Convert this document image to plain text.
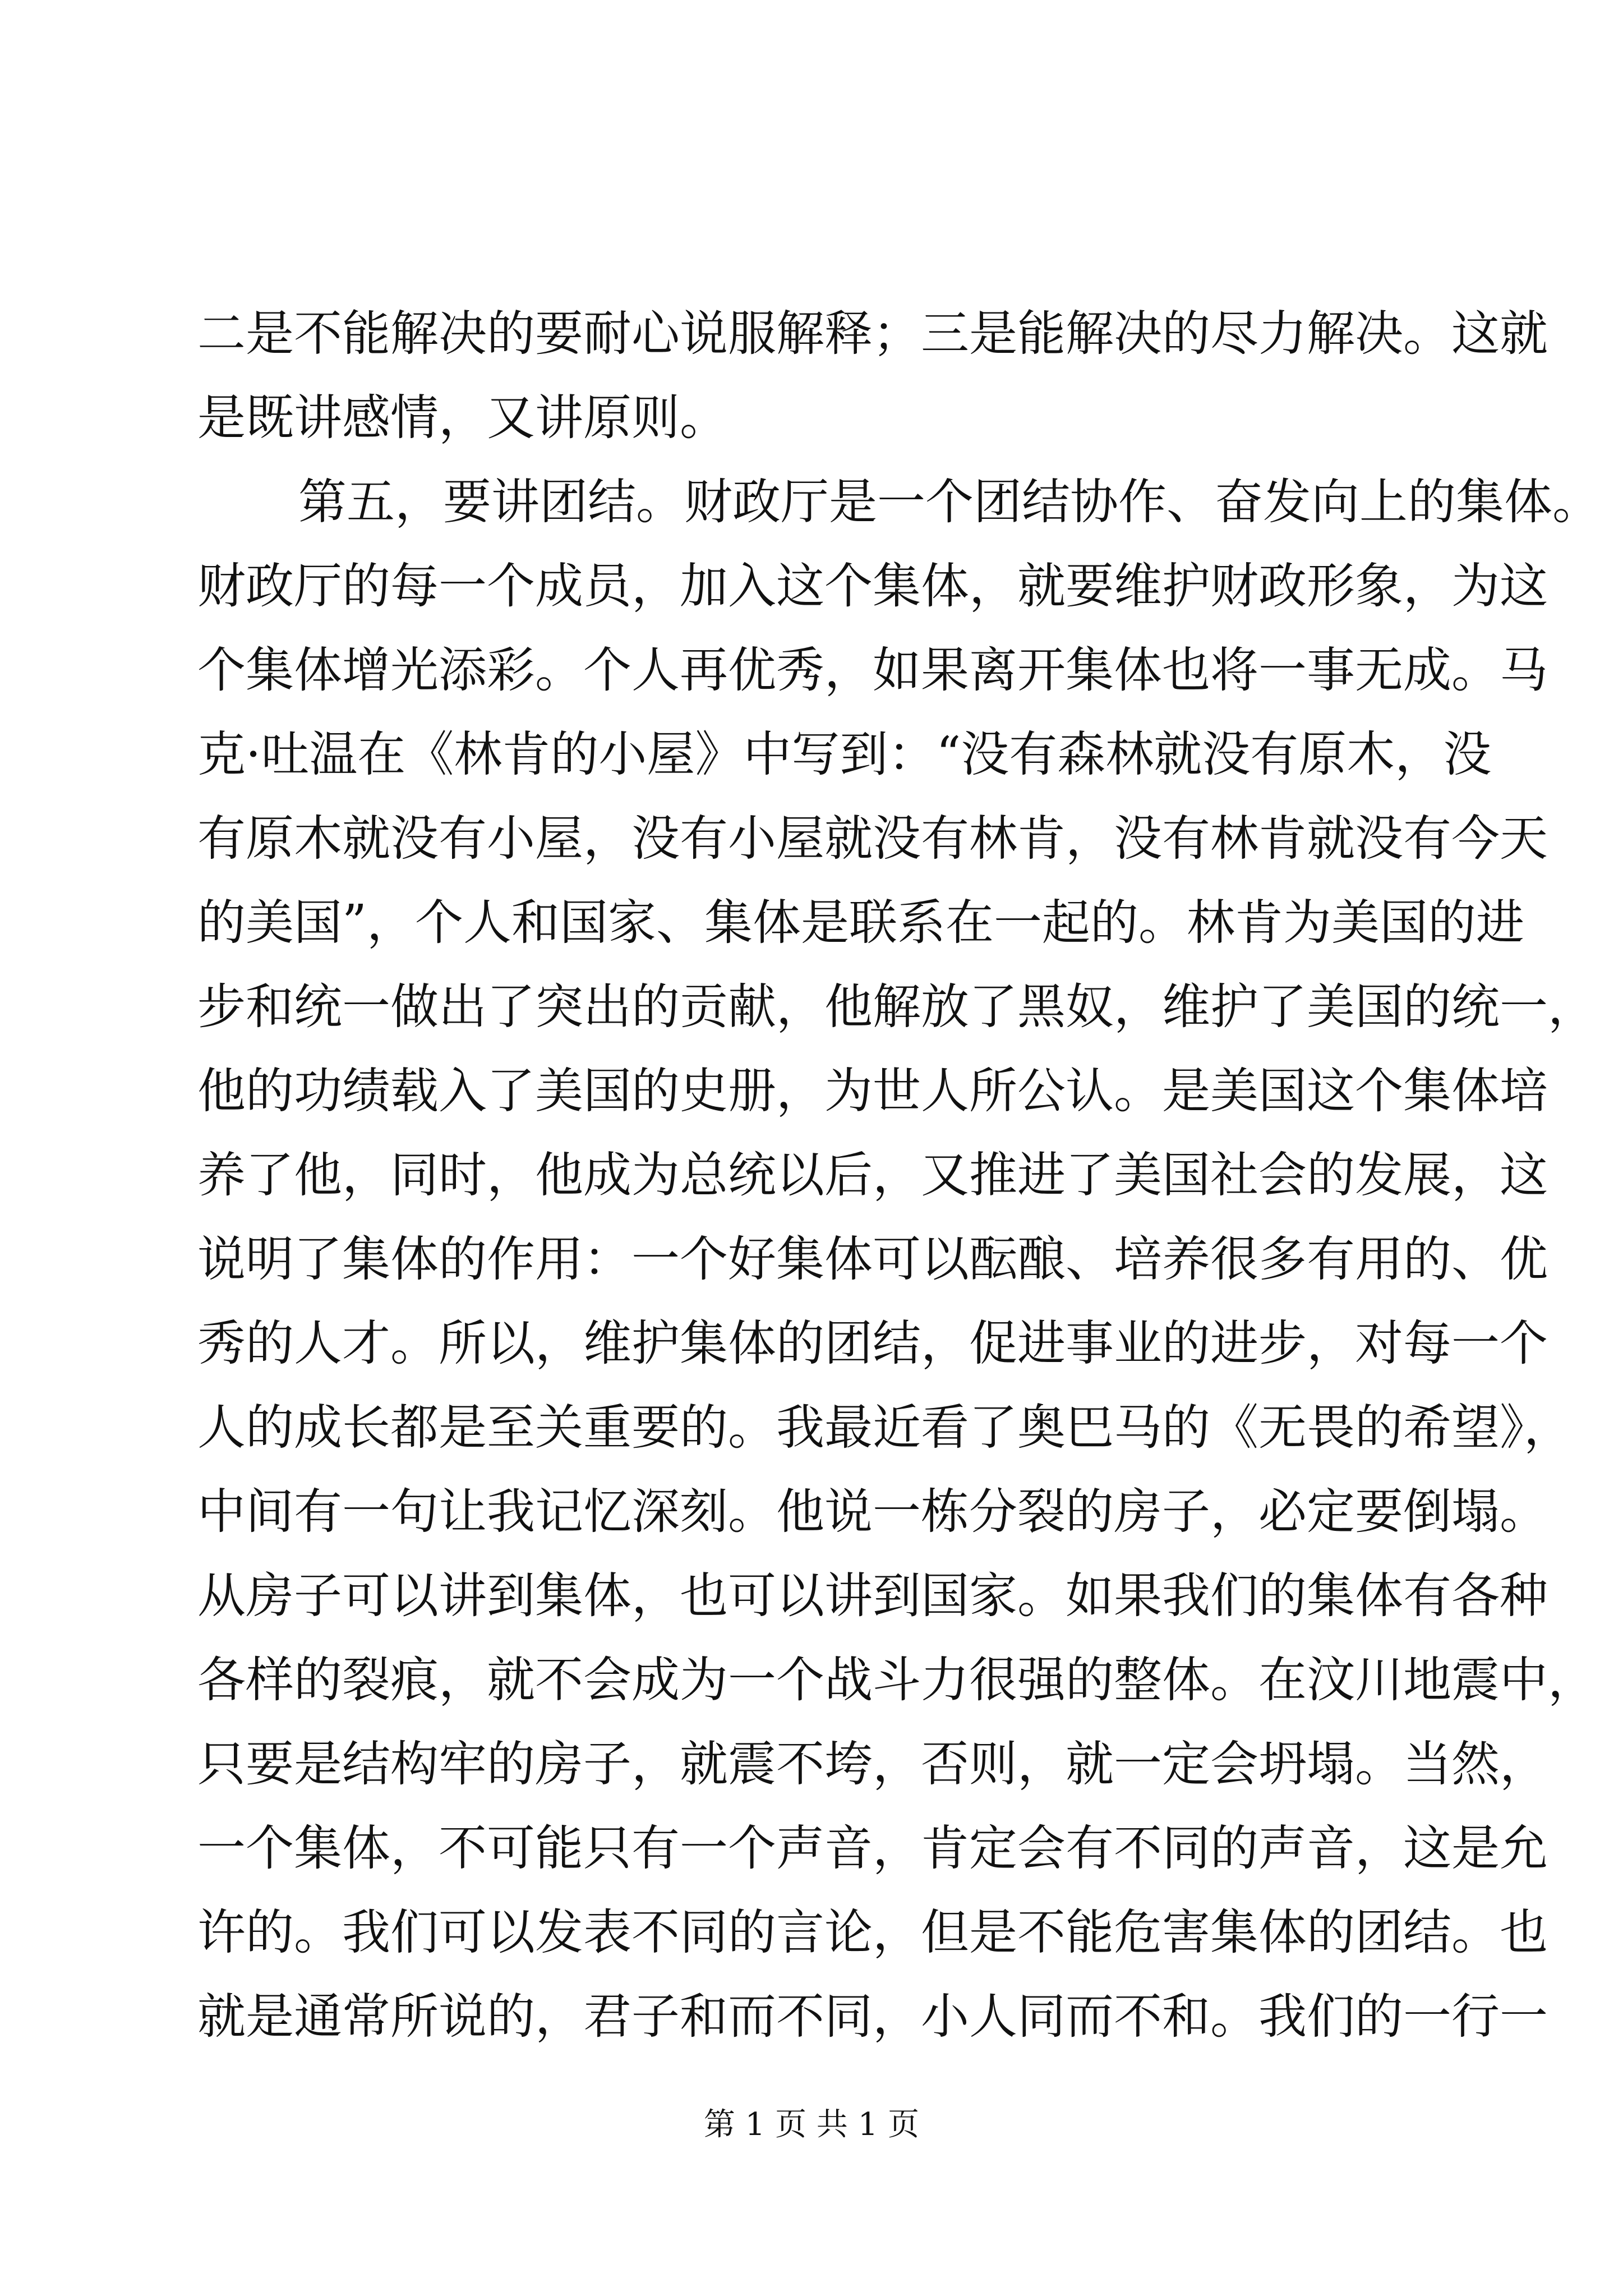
二是不能解决的要耐心说服解释；三是能解决的尽力解决。这就
是既讲感情，又讲原则。
第五，要讲团结。财政厅是一个团结协作、奋发向上的集体。
财政厅的每一个成员，加入这个集体，就要维护财政形象，为这
个集体增光添彩。个人再优秀，如果离开集体也将一事无成。马
克·吐温在《林肯的小屋》中写到：“没有森林就没有原木，没
有原木就没有小屋，没有小屋就没有林肯，没有林肯就没有今天
的美国”，个人和国家、集体是联系在一起的。林肯为美国的进
步和统一做出了突出的贡献，他解放了黑奴，维护了美国的统一，
他的功绩载入了美国的史册，为世人所公认。是美国这个集体培
养了他，同时，他成为总统以后，又推进了美国社会的发展，这
说明了集体的作用：一个好集体可以酝酿、培养很多有用的、优
秀的人才。所以，维护集体的团结，促进事业的进步，对每一个
人的成长都是至关重要的。我最近看了奥巴马的《无畏的希望》，
中间有一句让我记忆深刻。他说一栋分裂的房子，必定要倒塌。
从房子可以讲到集体，也可以讲到国家。如果我们的集体有各种
各样的裂痕，就不会成为一个战斗力很强的整体。在汶川地震中，
只要是结构牢的房子，就震不垮，否则，就一定会坍塌。当然，
一个集体，不可能只有一个声音，肯定会有不同的声音，这是允
许的。我们可以发表不同的言论，但是不能危害集体的团结。也
就是通常所说的，君子和而不同，小人同而不和。我们的一行一
第 1 页 共 1 页
